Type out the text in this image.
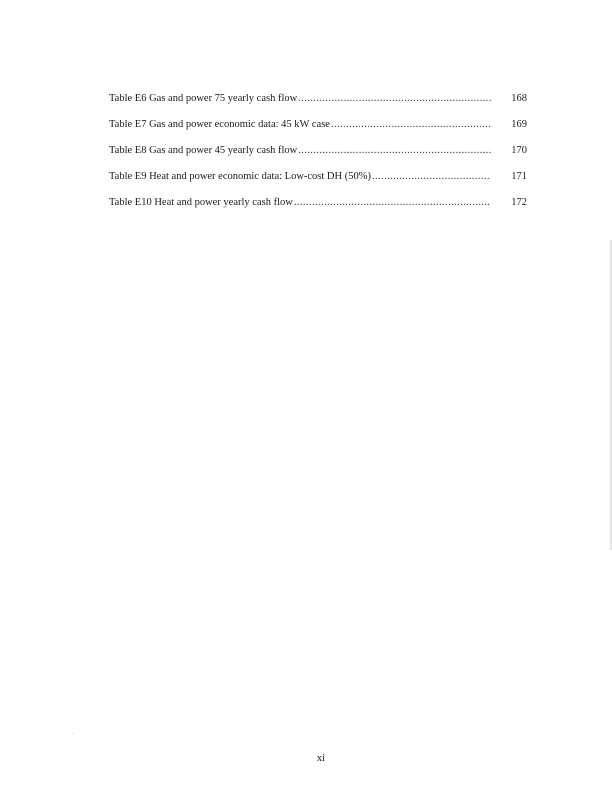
Table E6 Gas and power 75 yearly cash flow .....	168
Table E7 Gas and power economic data: 45 kW case .....	169
Table E8 Gas and power 45 yearly cash flow .....	170
Table E9 Heat and power economic data: Low-cost DH (50%) .....	171
Table E10 Heat and power yearly cash flow .....	172
xi
